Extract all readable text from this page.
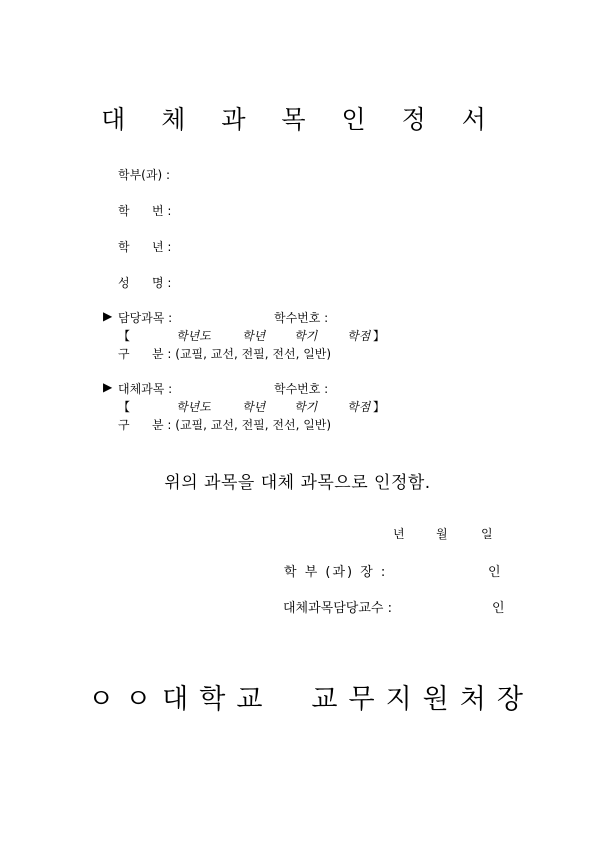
대 체 과 목 인 정 서
학부(과) :
학 번 :
학 년 :
성 명 :
▶ 담당과목 :	학수번호 :
【	학년도	학년 학기 학점 】
구 분 : (교필, 교선, 전필, 전선, 일반)
▶ 대체과목 :	학수번호 :
【	학년도	학년 학기 학점 】
구 분 : (교필, 교선, 전필, 전선, 일반)
위의 과목을 대체 과목으로 인정함.
년	월	일
학 부 (과) 장 :	인
대체과목담당교수 :	인
ㅇㅇ대학교 교무지원처장
